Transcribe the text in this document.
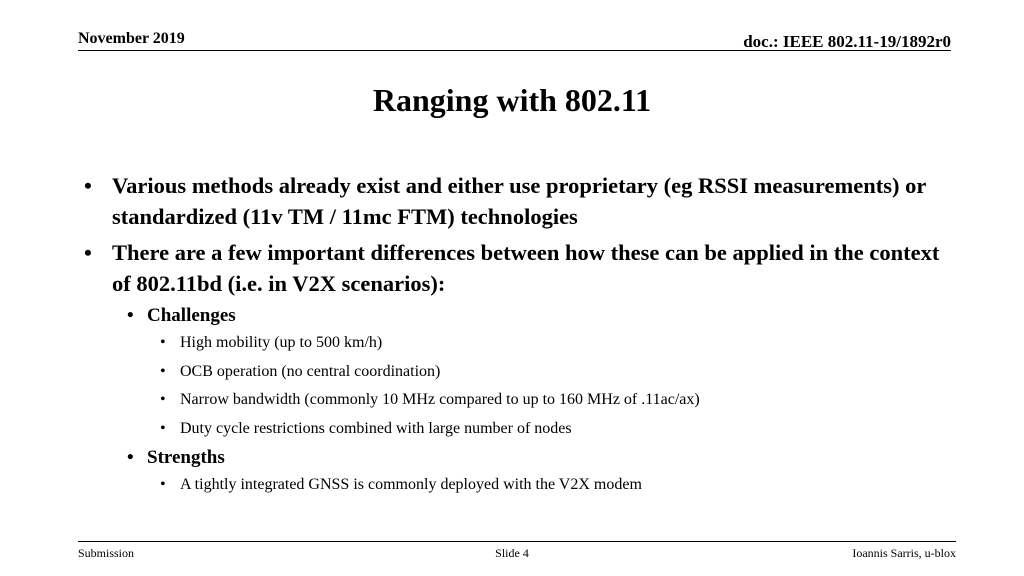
November 2019	doc.: IEEE 802.11-19/1892r0
Ranging with 802.11
• Various methods already exist and either use proprietary (eg RSSI measurements) or standardized (11v TM / 11mc FTM) technologies
• There are a few important differences between how these can be applied in the context of 802.11bd (i.e. in V2X scenarios):
• Challenges
• High mobility (up to 500 km/h)
• OCB operation (no central coordination)
• Narrow bandwidth (commonly 10 MHz compared to up to 160 MHz of .11ac/ax)
• Duty cycle restrictions combined with large number of nodes
• Strengths
• A tightly integrated GNSS is commonly deployed with the V2X modem
Submission	Slide 4	Ioannis Sarris, u-blox
